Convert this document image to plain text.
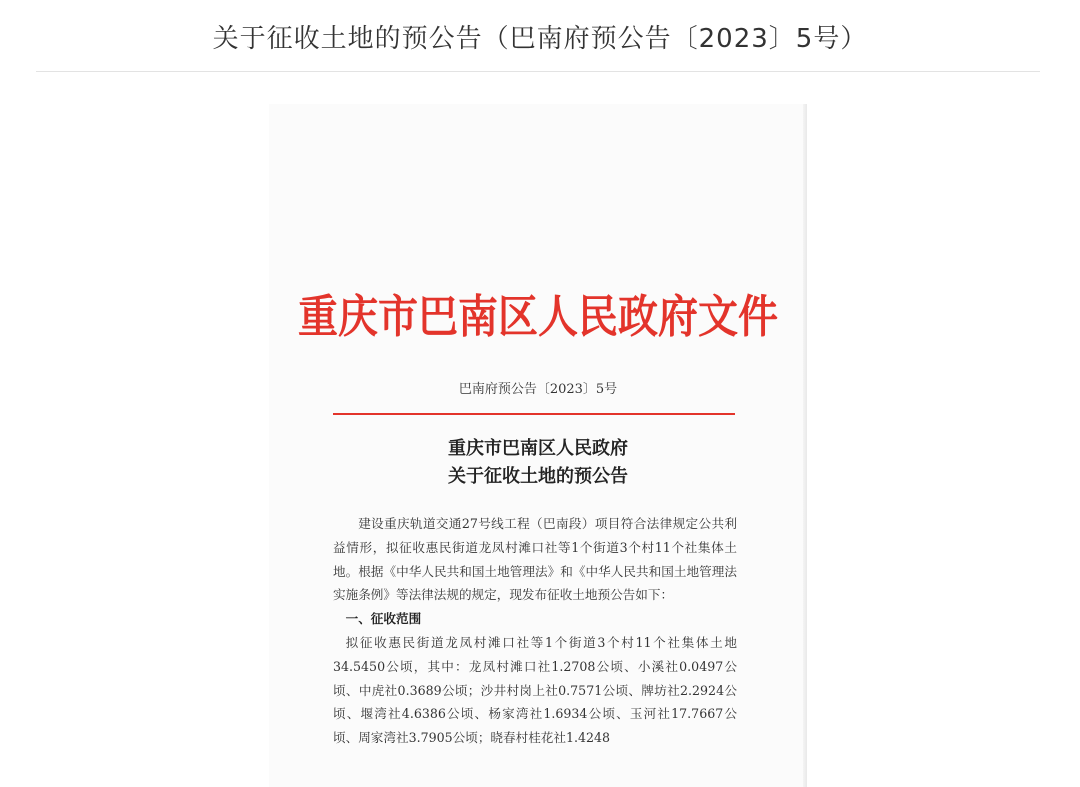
关于征收土地的预公告（巴南府预公告〔2023〕5号）
重庆市巴南区人民政府文件
巴南府预公告〔2023〕5号
重庆市巴南区人民政府
关于征收土地的预公告

建设重庆轨道交通27号线工程（巴南段）项目符合法律规定公共利益情形，拟征收惠民街道龙凤村滩口社等1个街道3个村11个社集体土地。根据《中华人民共和国土地管理法》和《中华人民共和国土地管理法实施条例》等法律法规的规定，现发布征收土地预公告如下：

一、征收范围

拟征收惠民街道龙凤村滩口社等1个街道3个村11个社集体土地34.5450公顷，其中：龙凤村滩口社1.2708公顷、小溪社0.0497公顷、中虎社0.3689公顷；沙井村岗上社0.7571公顷、牌坊社2.2924公顷、堰湾社4.6386公顷、杨家湾社1.6934公顷、玉河社17.7667公顷、周家湾社3.7905公顷；晓春村桂花社1.4248
